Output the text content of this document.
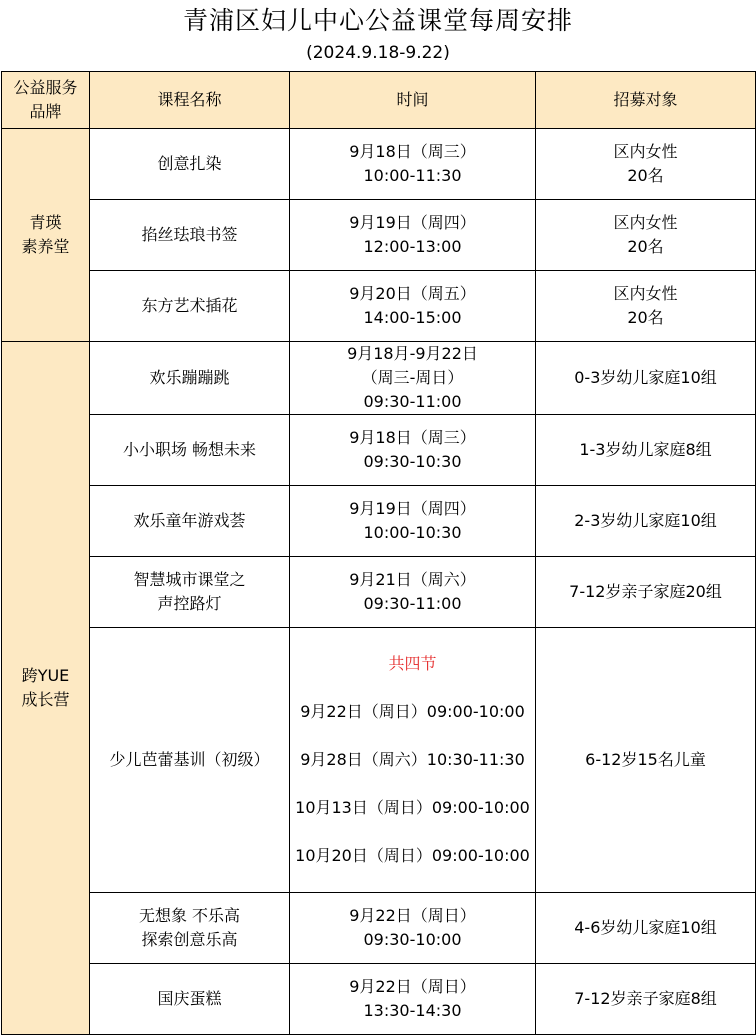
青浦区妇儿中心公益课堂每周安排
(2024.9.18-9.22)
公益服务
品牌	课程名称	时间	招募对象
青瑛
素养堂	创意扎染	9月18日（周三）
10:00-11:30	区内女性
20名
	掐丝珐琅书签	9月19日（周四）
12:00-13:00	区内女性
20名
	东方艺术插花	9月20日（周五）
14:00-15:00	区内女性
20名
跨YUE
成长营	欢乐蹦蹦跳	9月18月-9月22日
（周三-周日）
09:30-11:00	0-3岁幼儿家庭10组
	小小职场 畅想未来	9月18日（周三）
09:30-10:30	1-3岁幼儿家庭8组
	欢乐童年游戏荟	9月19日（周四）
10:00-10:30	2-3岁幼儿家庭10组
	智慧城市课堂之
声控路灯	9月21日（周六）
09:30-11:00	7-12岁亲子家庭20组
	少儿芭蕾基训（初级）	共四节

9月22日（周日）09:00-10:00

9月28日（周六）10:30-11:30

10月13日（周日）09:00-10:00

10月20日（周日）09:00-10:00	6-12岁15名儿童
	无想象 不乐高
探索创意乐高	9月22日（周日）
09:30-10:00	4-6岁幼儿家庭10组
	国庆蛋糕	9月22日（周日）
13:30-14:30	7-12岁亲子家庭8组
